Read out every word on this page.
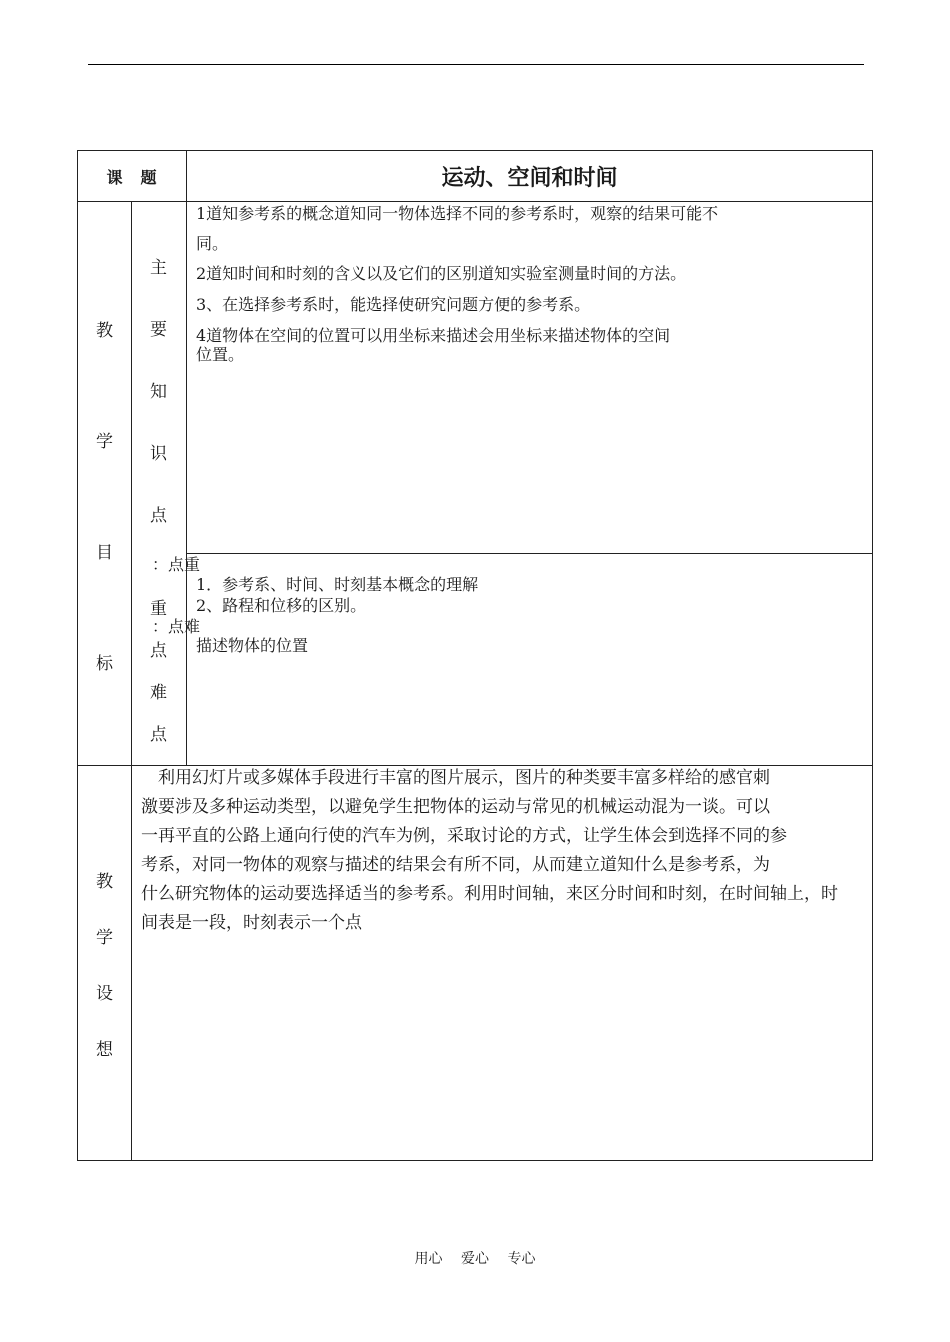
课　题	运动、空间和时间
教
学
目
标
主
要
知
识
点
1道知参考系的概念道知同一物体选择不同的参考系时，观察的结果可能不
同。
2道知时间和时刻的含义以及它们的区别道知实验室测量时间的方法。
3、在选择参考系时，能选择使研究问题方便的参考系。
4道物体在空间的位置可以用坐标来描述会用坐标来描述物体的空间
位置。
重
点
难
点
：点重
1．参考系、时间、时刻基本概念的理解
2、路程和位移的区别。
：点难
描述物体的位置
教
学
设
想
　利用幻灯片或多媒体手段进行丰富的图片展示，图片的种类要丰富多样给的感官刺
激要涉及多种运动类型，以避免学生把物体的运动与常见的机械运动混为一谈。可以
一再平直的公路上通向行使的汽车为例，采取讨论的方式，让学生体会到选择不同的参
考系，对同一物体的观察与描述的结果会有所不同，从而建立道知什么是参考系，为
什么研究物体的运动要选择适当的参考系。利用时间轴，来区分时间和时刻，在时间轴上，时
间表是一段，时刻表示一个点
用心 爱心 专心
